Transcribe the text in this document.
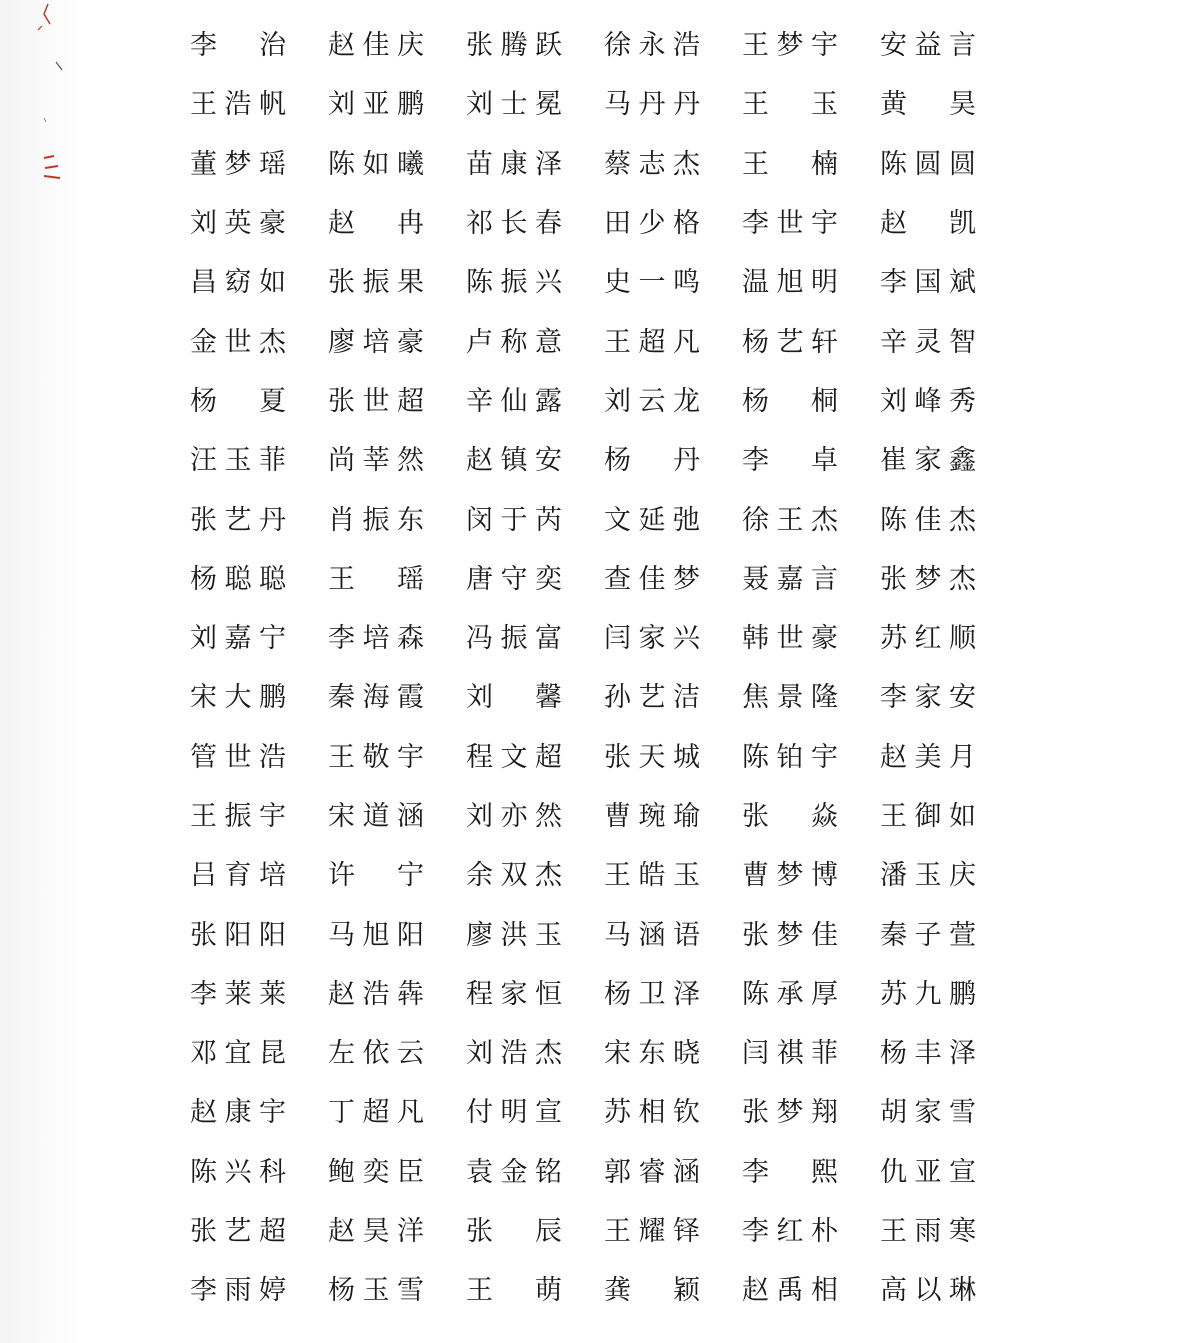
李　治	赵佳庆	张腾跃	徐永浩	王梦宇	安益言
王浩帆	刘亚鹏	刘士冕	马丹丹	王　玉	黄　昊
董梦瑶	陈如曦	苗康泽	蔡志杰	王　楠	陈圆圆
刘英豪	赵　冉	祁长春	田少格	李世宇	赵　凯
昌窈如	张振果	陈振兴	史一鸣	温旭明	李国斌
金世杰	廖培豪	卢称意	王超凡	杨艺轩	辛灵智
杨　夏	张世超	辛仙露	刘云龙	杨　桐	刘峰秀
汪玉菲	尚莘然	赵镇安	杨　丹	李　卓	崔家鑫
张艺丹	肖振东	闵于芮	文延弛	徐王杰	陈佳杰
杨聪聪	王　瑶	唐守奕	查佳梦	聂嘉言	张梦杰
刘嘉宁	李培森	冯振富	闫家兴	韩世豪	苏红顺
宋大鹏	秦海霞	刘　馨	孙艺洁	焦景隆	李家安
管世浩	王敬宇	程文超	张天城	陈铂宇	赵美月
王振宇	宋道涵	刘亦然	曹琬瑜	张　焱	王御如
吕育培	许　宁	余双杰	王皓玉	曹梦博	潘玉庆
张阳阳	马旭阳	廖洪玉	马涵语	张梦佳	秦子萱
李莱莱	赵浩犇	程家恒	杨卫泽	陈承厚	苏九鹏
邓宜昆	左依云	刘浩杰	宋东晓	闫祺菲	杨丰泽
赵康宇	丁超凡	付明宣	苏相钦	张梦翔	胡家雪
陈兴科	鲍奕臣	袁金铭	郭睿涵	李　熙	仇亚宣
张艺超	赵昊洋	张　辰	王耀铎	李红朴	王雨寒
李雨婷	杨玉雪	王　萌	龚　颖	赵禹相	高以琳
